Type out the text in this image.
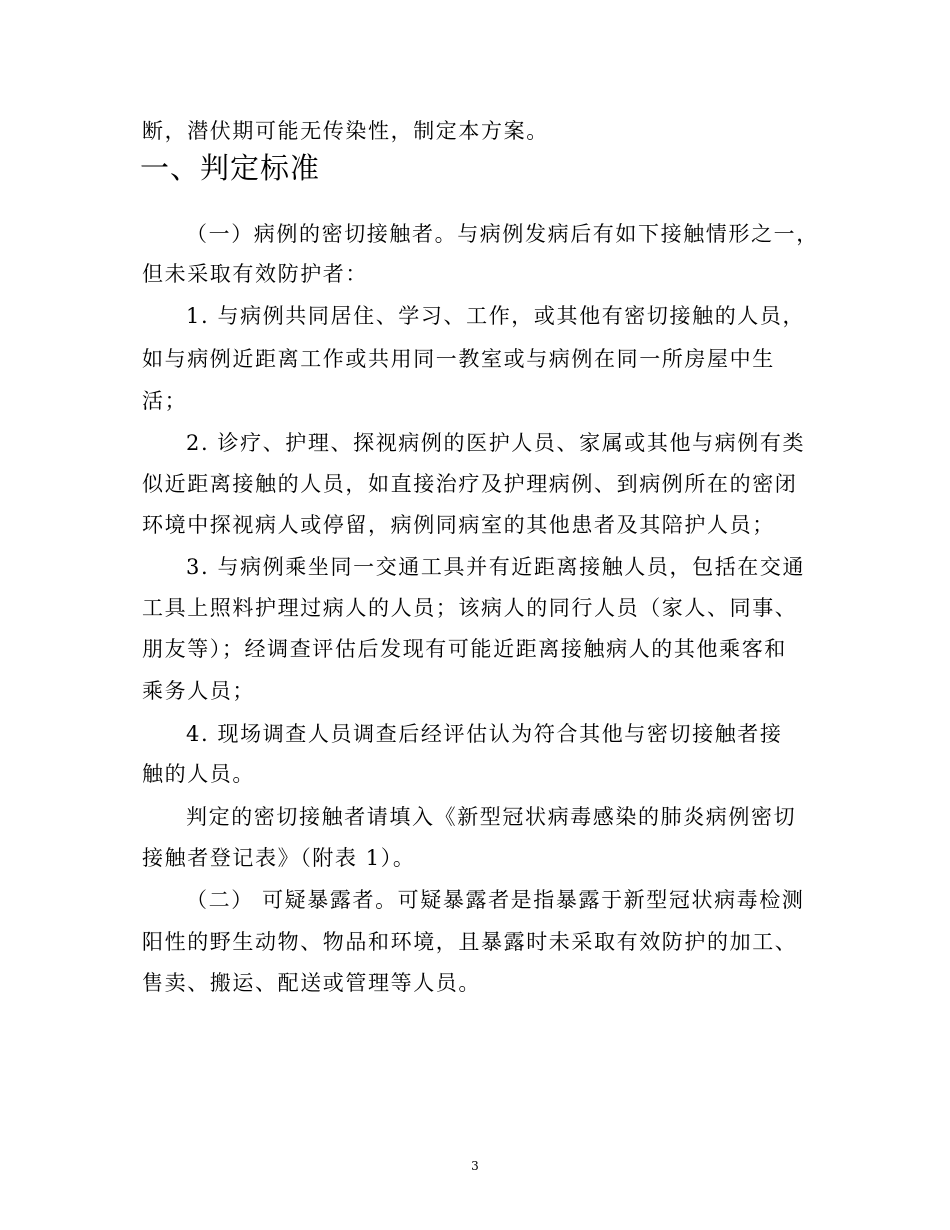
断，潜伏期可能无传染性，制定本方案。
一、判定标准
（一）病例的密切接触者。与病例发病后有如下接触情形之一，
但未采取有效防护者：
1. 与病例共同居住、学习、工作，或其他有密切接触的人员，
如与病例近距离工作或共用同一教室或与病例在同一所房屋中生
活；
2. 诊疗、护理、探视病例的医护人员、家属或其他与病例有类
似近距离接触的人员，如直接治疗及护理病例、到病例所在的密闭
环境中探视病人或停留，病例同病室的其他患者及其陪护人员；
3. 与病例乘坐同一交通工具并有近距离接触人员，包括在交通
工具上照料护理过病人的人员；该病人的同行人员（家人、同事、
朋友等）；经调查评估后发现有可能近距离接触病人的其他乘客和
乘务人员；
4. 现场调查人员调查后经评估认为符合其他与密切接触者接
触的人员。
判定的密切接触者请填入《新型冠状病毒感染的肺炎病例密切
接触者登记表》（附表 1）。
（二） 可疑暴露者。可疑暴露者是指暴露于新型冠状病毒检测
阳性的野生动物、物品和环境，且暴露时未采取有效防护的加工、
售卖、搬运、配送或管理等人员。
3
